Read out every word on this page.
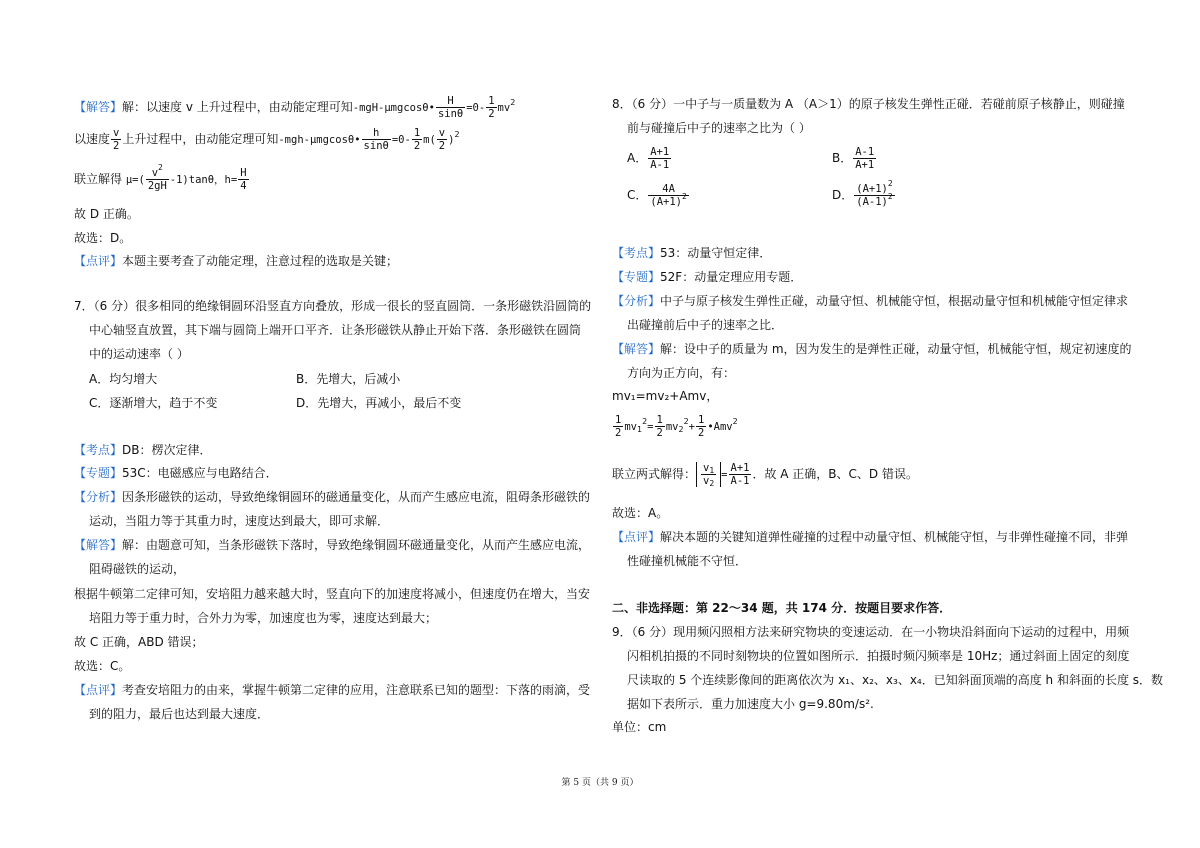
【解答】解：以速度 v 上升过程中，由动能定理可知-mgH-μmgcosθ• $\frac{H}{\sin\theta} =0- \frac{1}{2} mv^2$
以速度 $\frac{v}{2}$ 上升过程中，由动能定理可知-mgh-μmgcosθ• $\frac{h}{\sin\theta} =0- \frac{1}{2} m( \frac{v}{2} )^2$
联立解得 $\mu=( \frac{v^2}{2gH} -1)\tan\theta$，$h= \frac{H}{4}$
故 D 正确。
故选：D。
【点评】本题主要考查了动能定理，注意过程的选取是关键；
7．（6 分）很多相同的绝缘铜圆环沿竖直方向叠放，形成一很长的竖直圆筒．一条形磁铁沿圆筒的
中心轴竖直放置，其下端与圆筒上端开口平齐．让条形磁铁从静止开始下落．条形磁铁在圆筒
中的运动速率（ ）
A．均匀增大	B．先增大，后减小
C．逐渐增大，趋于不变	D．先增大，再减小，最后不变
【考点】DB：楞次定律．
【专题】53C：电磁感应与电路结合．
【分析】因条形磁铁的运动，导致绝缘铜圆环的磁通量变化，从而产生感应电流，阻碍条形磁铁的
运动，当阻力等于其重力时，速度达到最大，即可求解．
【解答】解：由题意可知，当条形磁铁下落时，导致绝缘铜圆环磁通量变化，从而产生感应电流，
阻碍磁铁的运动，
根据牛顿第二定律可知，安培阻力越来越大时，竖直向下的加速度将减小，但速度仍在增大，当安
培阻力等于重力时，合外力为零，加速度也为零，速度达到最大；
故 C 正确，ABD 错误；
故选：C。
【点评】考查安培阻力的由来，掌握牛顿第二定律的应用，注意联系已知的题型：下落的雨滴，受
到的阻力，最后也达到最大速度．
8．（6 分）一中子与一质量数为 A （A＞1）的原子核发生弹性正碰．若碰前原子核静止，则碰撞
前与碰撞后中子的速率之比为（ ）
A． $\frac{A+1}{A-1}$	B． $\frac{A-1}{A+1}$
C． $\frac{4A}{(A+1)^2}$	D． $\frac{(A+1)^2}{(A-1)^2}$
【考点】53：动量守恒定律．
【专题】52F：动量定理应用专题．
【分析】中子与原子核发生弹性正碰，动量守恒、机械能守恒，根据动量守恒和机械能守恒定律求
出碰撞前后中子的速率之比．
【解答】解：设中子的质量为 m，因为发生的是弹性正碰，动量守恒，机械能守恒，规定初速度的
方向为正方向，有：
mv₁=mv₂+Amv，
$\frac{1}{2} mv_1^2= \frac{1}{2} mv_2^2+ \frac{1}{2}$ •Amv$^2$
联立两式解得： $\frac{v_1}{v_2} = \frac{A+1}{A-1}$ ．故 A 正确，B、C、D 错误。
故选：A。
【点评】解决本题的关键知道弹性碰撞的过程中动量守恒、机械能守恒，与非弹性碰撞不同，非弹
性碰撞机械能不守恒．
二、非选择题：第 22～34 题，共 174 分．按题目要求作答．
9．（6 分）现用频闪照相方法来研究物块的变速运动．在一小物块沿斜面向下运动的过程中，用频
闪相机拍摄的不同时刻物块的位置如图所示．拍摄时频闪频率是 10Hz；通过斜面上固定的刻度
尺读取的 5 个连续影像间的距离依次为 x₁、x₂、x₃、x₄．已知斜面顶端的高度 h 和斜面的长度 s．数
据如下表所示．重力加速度大小 g=9.80m/s².
单位：cm
第 5 页（共 9 页）
